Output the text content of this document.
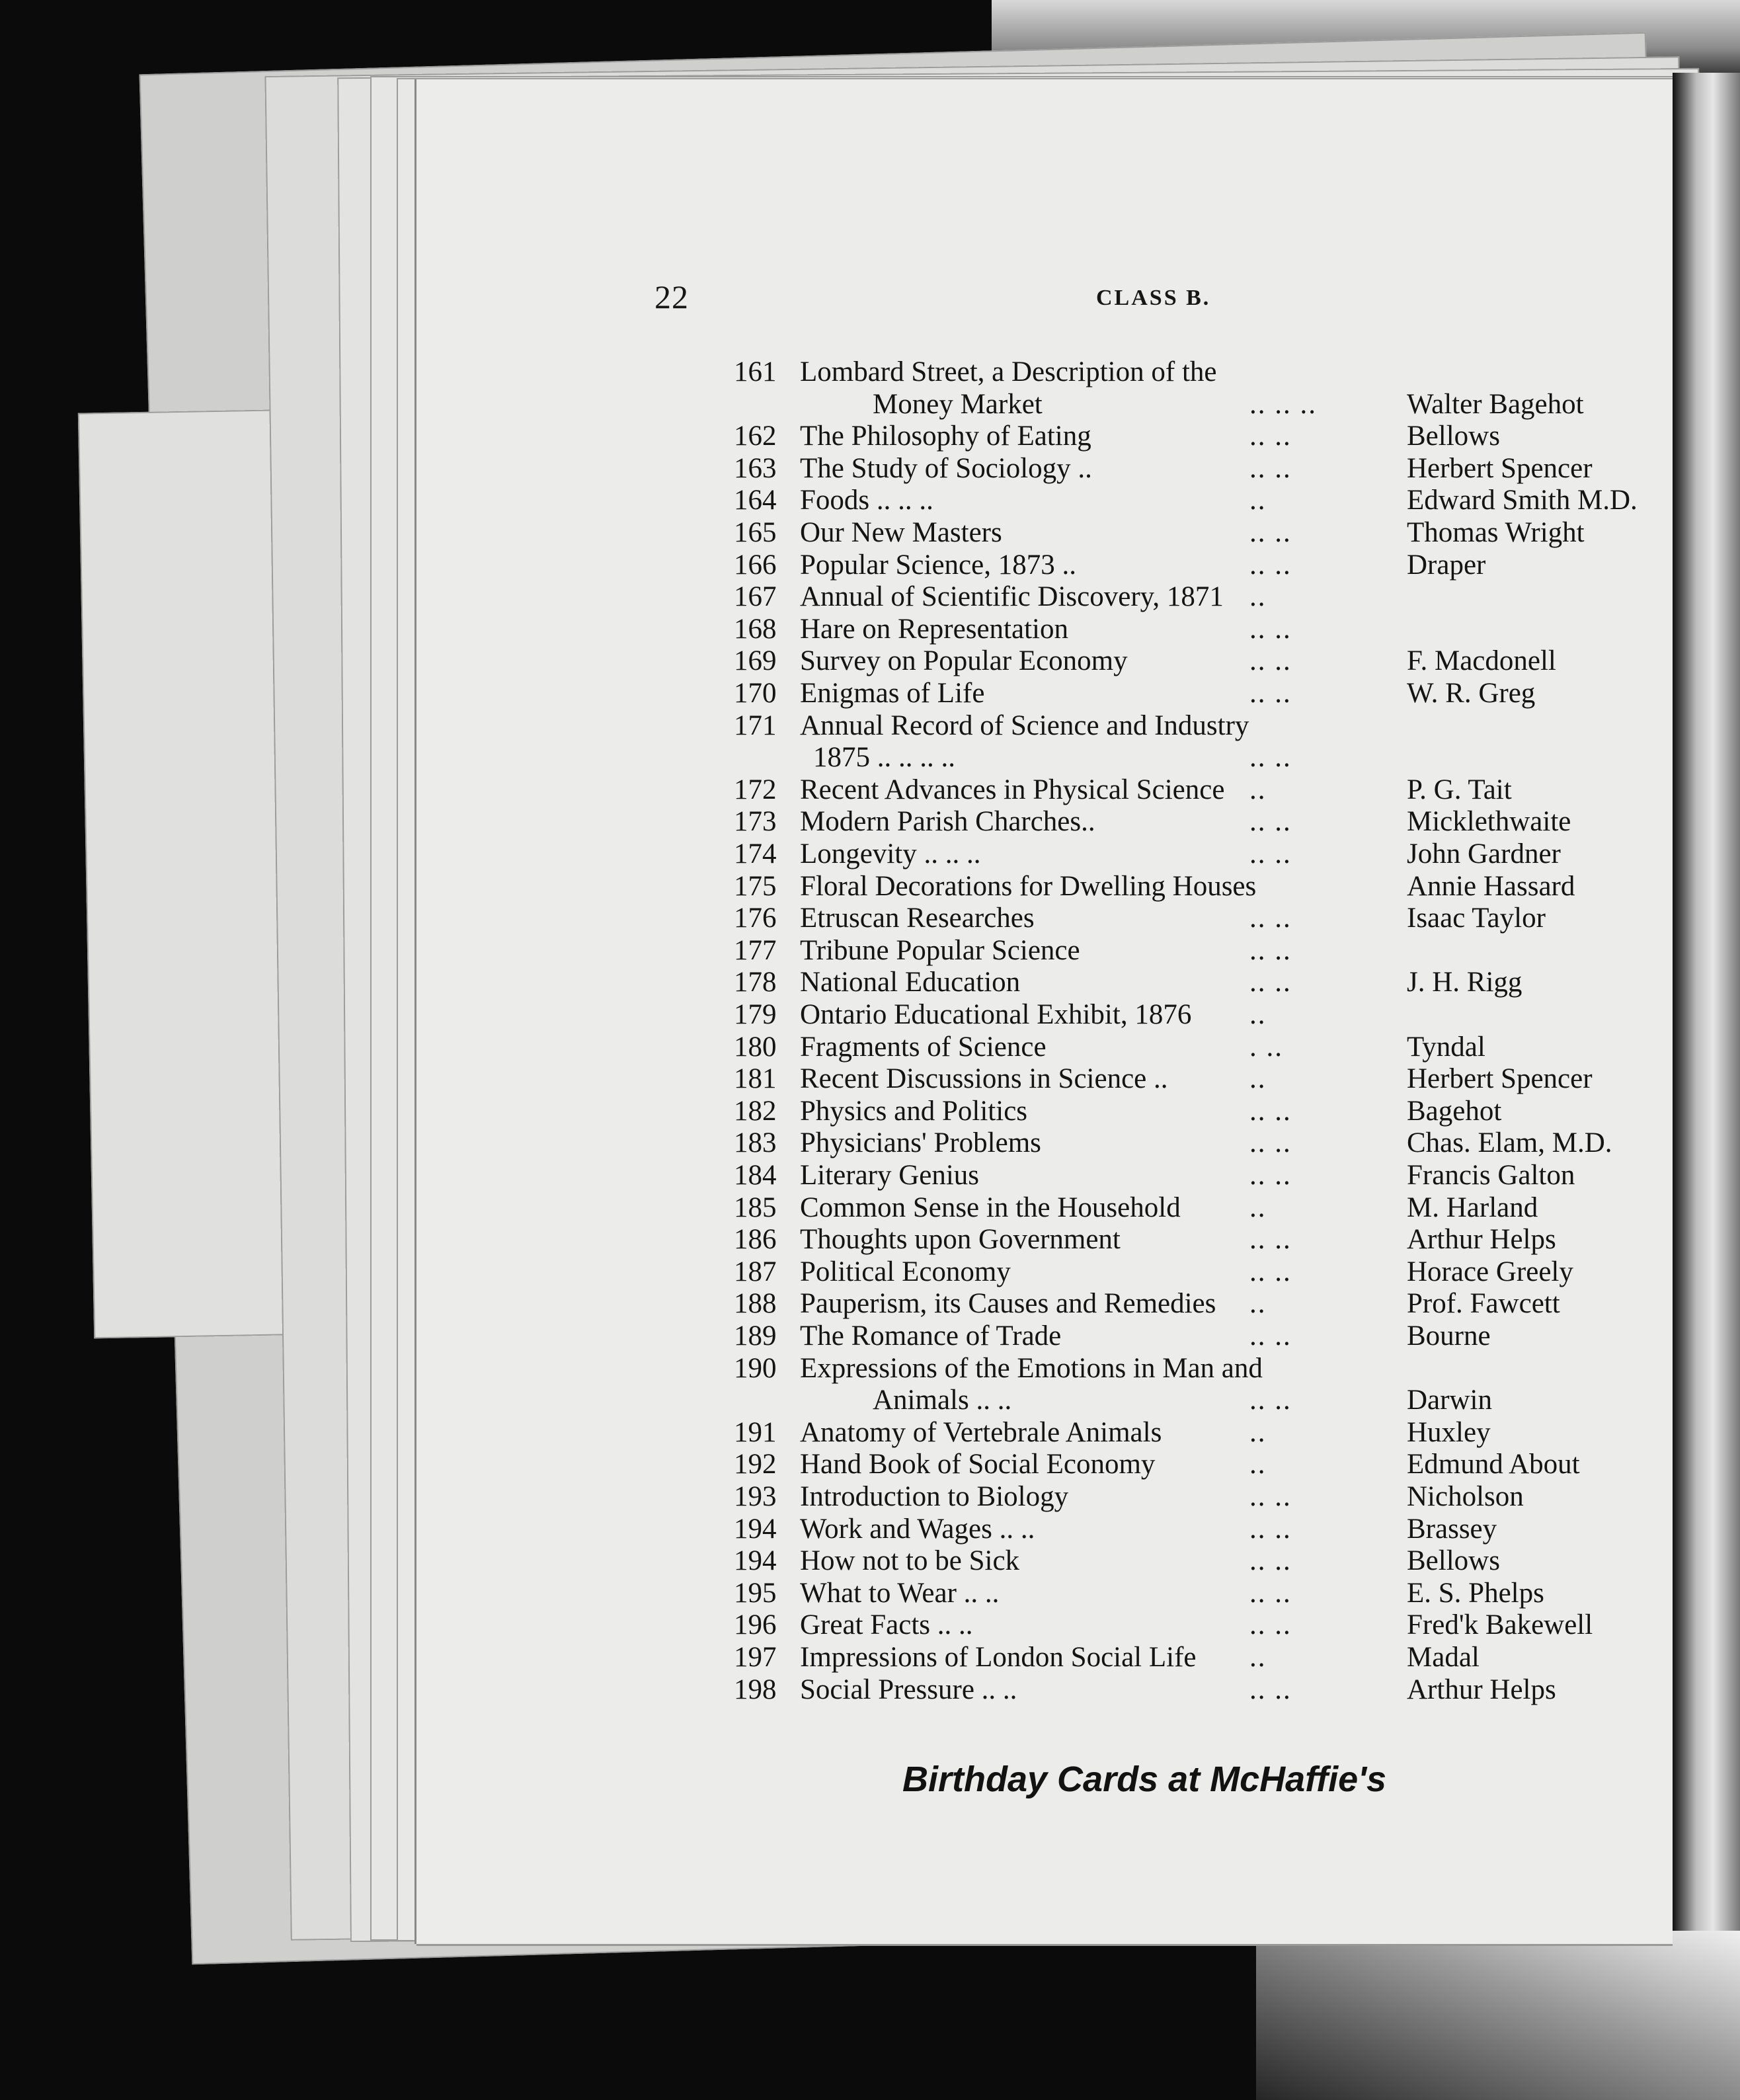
22	CLASS B.
161 Lombard Street, a Description of the
Money Market	.. .. ..	Walter Bagehot
162 The Philosophy of Eating	.. ..	Bellows
163 The Study of Sociology ..	.. ..	Herbert Spencer
164 Foods .. .. ..	..	Edward Smith M.D.
165 Our New Masters	.. ..	Thomas Wright
166 Popular Science, 1873 ..	.. ..	Draper
167 Annual of Scientific Discovery, 1871 ..
168 Hare on Representation	.. ..
169 Survey on Popular Economy	.. ..	F. Macdonell
170 Enigmas of Life	.. ..	W. R. Greg
171 Annual Record of Science and Industry
1875 .. .. .. ..	.. ..
172 Recent Advances in Physical Science ..	P. G. Tait
173 Modern Parish Charches..	.. ..	Micklethwaite
174 Longevity .. .. ..	.. ..	John Gardner
175 Floral Decorations for Dwelling Houses	Annie Hassard
176 Etruscan Researches	.. ..	Isaac Taylor
177 Tribune Popular Science	.. ..
178 National Education	.. ..	J. H. Rigg
179 Ontario Educational Exhibit, 1876 ..
180 Fragments of Science	. ..	Tyndal
181 Recent Discussions in Science ..	..	Herbert Spencer
182 Physics and Politics	.. ..	Bagehot
183 Physicians' Problems	.. ..	Chas. Elam, M.D.
184 Literary Genius	.. ..	Francis Galton
185 Common Sense in the Household ..	M. Harland
186 Thoughts upon Government	.. ..	Arthur Helps
187 Political Economy	.. ..	Horace Greely
188 Pauperism, its Causes and Remedies ..	Prof. Fawcett
189 The Romance of Trade	.. ..	Bourne
190 Expressions of the Emotions in Man and
Animals .. ..	.. ..	Darwin
191 Anatomy of Vertebrale Animals	..	Huxley
192 Hand Book of Social Economy	..	Edmund About
193 Introduction to Biology	.. ..	Nicholson
194 Work and Wages .. ..	.. ..	Brassey
194 How not to be Sick	.. ..	Bellows
195 What to Wear .. ..	.. ..	E. S. Phelps
196 Great Facts .. ..	.. ..	Fred'k Bakewell
197 Impressions of London Social Life ..	Madal
198 Social Pressure .. ..	.. ..	Arthur Helps
Birthday Cards at McHaffie's
